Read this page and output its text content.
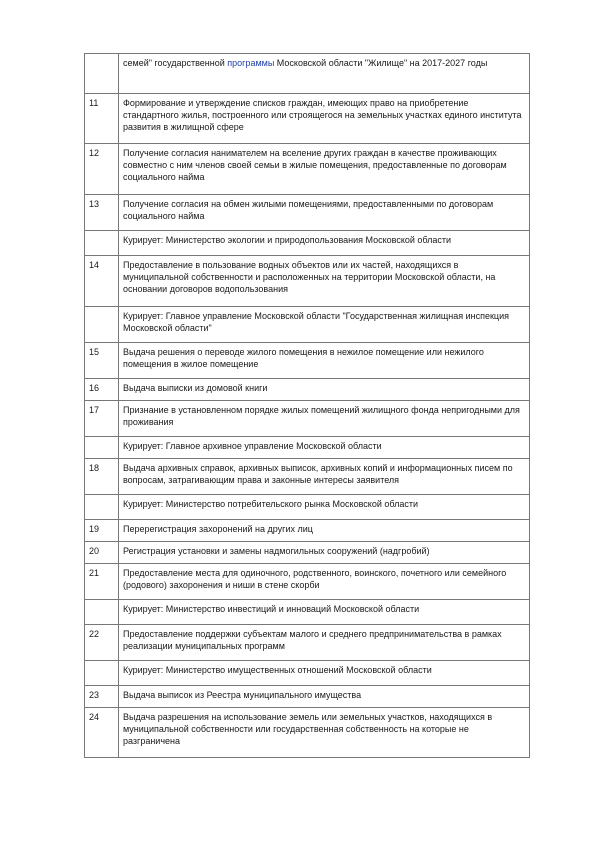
	семей" государственной программы Московской области "Жилище" на 2017-2027 годы
11	Формирование и утверждение списков граждан, имеющих право на приобретение стандартного жилья, построенного или строящегося на земельных участках единого института развития в жилищной сфере
12	Получение согласия нанимателем на вселение других граждан в качестве проживающих совместно с ним членов своей семьи в жилые помещения, предоставленные по договорам социального найма
13	Получение согласия на обмен жилыми помещениями, предоставленными по договорам социального найма
	Курирует: Министерство экологии и природопользования Московской области
14	Предоставление в пользование водных объектов или их частей, находящихся в муниципальной собственности и расположенных на территории Московской области, на основании договоров водопользования
	Курирует: Главное управление Московской области "Государственная жилищная инспекция Московской области"
15	Выдача решения о переводе жилого помещения в нежилое помещение или нежилого помещения в жилое помещение
16	Выдача выписки из домовой книги
17	Признание в установленном порядке жилых помещений жилищного фонда непригодными для проживания
	Курирует: Главное архивное управление Московской области
18	Выдача архивных справок, архивных выписок, архивных копий и информационных писем по вопросам, затрагивающим права и законные интересы заявителя
	Курирует: Министерство потребительского рынка Московской области
19	Перерегистрация захоронений на других лиц
20	Регистрация установки и замены надмогильных сооружений (надгробий)
21	Предоставление места для одиночного, родственного, воинского, почетного или семейного (родового) захоронения и ниши в стене скорби
	Курирует: Министерство инвестиций и инноваций Московской области
22	Предоставление поддержки субъектам малого и среднего предпринимательства в рамках реализации муниципальных программ
	Курирует: Министерство имущественных отношений Московской области
23	Выдача выписок из Реестра муниципального имущества
24	Выдача разрешения на использование земель или земельных участков, находящихся в муниципальной собственности или государственная собственность на которые не разграничена
